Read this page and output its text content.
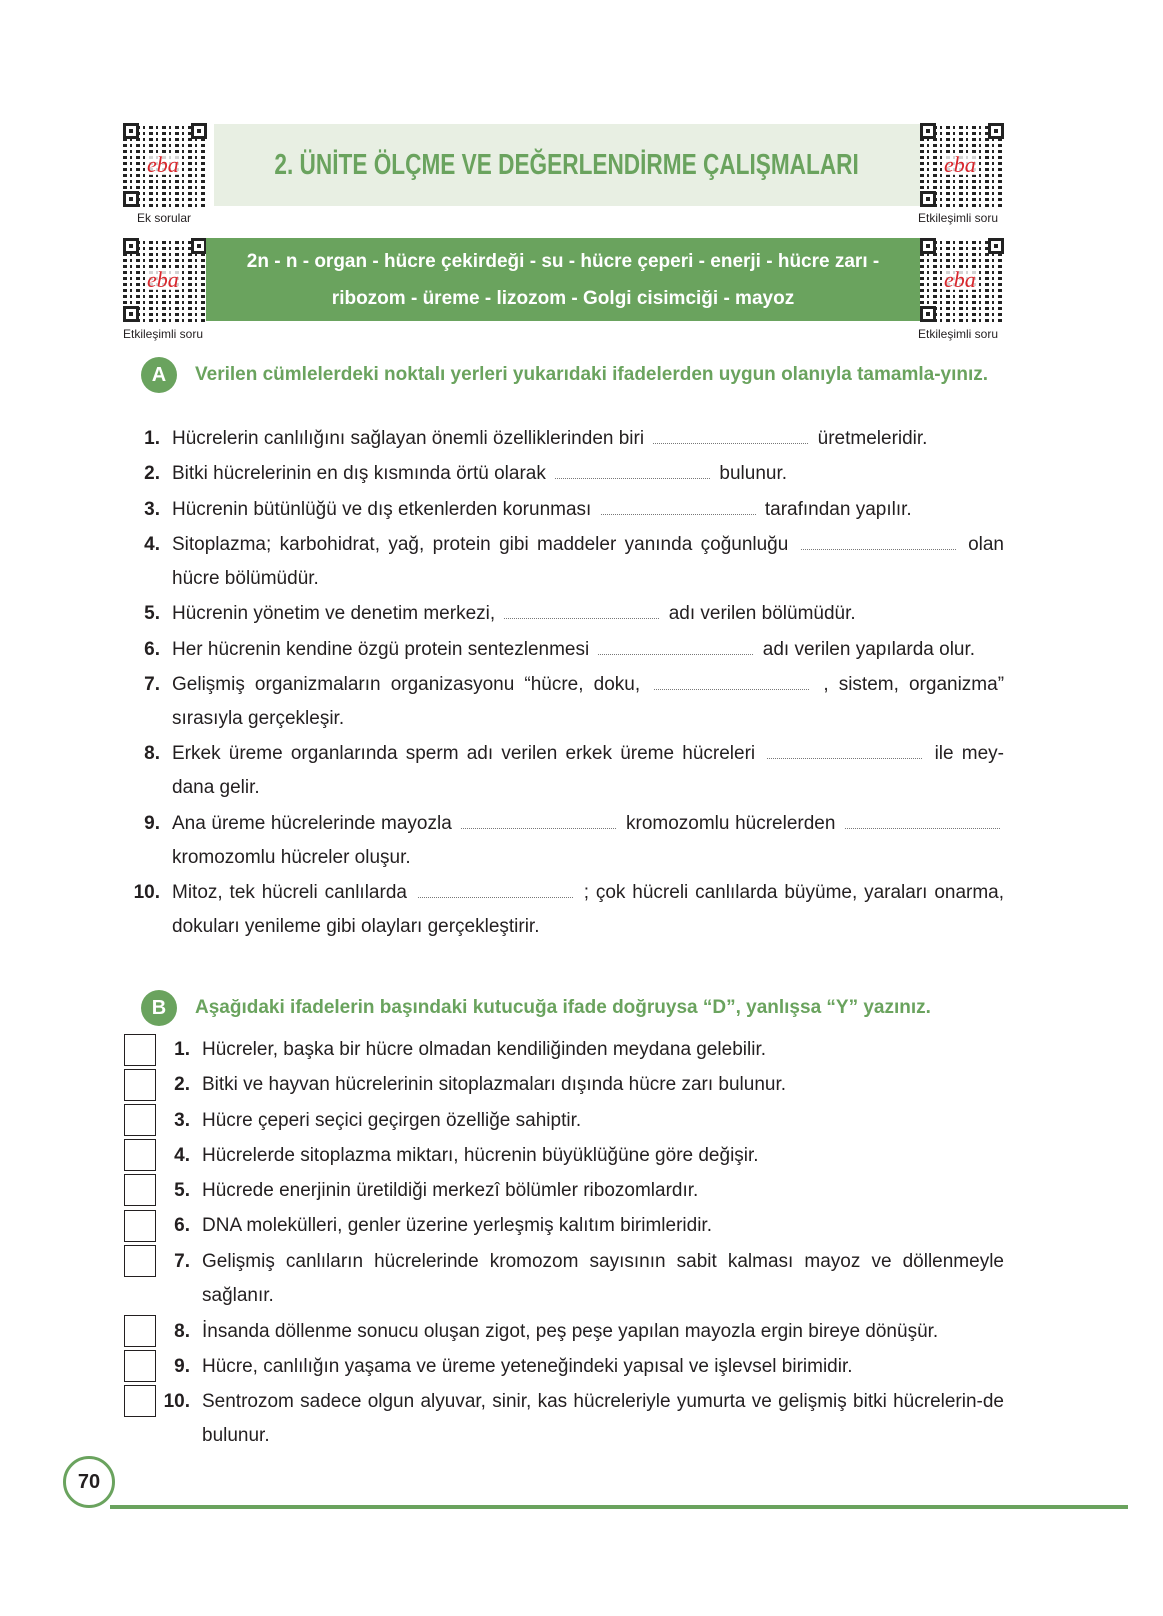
eba
Ek sorular
eba
Etkileşimli soru
eba
Etkileşimli soru
eba
Etkileşimli soru
2. ÜNİTE ÖLÇME VE DEĞERLENDİRME ÇALIŞMALARI
2n - n - organ - hücre çekirdeği - su - hücre çeperi - enerji - hücre zarı -
ribozom - üreme - lizozom - Golgi cisimciği - mayoz
A	Verilen cümlelerdeki noktalı yerleri yukarıdaki ifadelerden uygun olanıyla tamamla-yınız.
1. Hücrelerin canlılığını sağlayan önemli özelliklerinden biri	üretmeleridir.
2. Bitki hücrelerinin en dış kısmında örtü olarak	bulunur.
3. Hücrenin bütünlüğü ve dış etkenlerden korunması	tarafından yapılır.
4. Sitoplazma; karbohidrat, yağ, protein gibi maddeler yanında çoğunluğu	olan hücre bölümüdür.
5. Hücrenin yönetim ve denetim merkezi,	adı verilen bölümüdür.
6. Her hücrenin kendine özgü protein sentezlenmesi	adı verilen yapılarda olur.
7. Gelişmiş organizmaların organizasyonu “hücre, doku,	, sistem, organizma” sırasıyla gerçekleşir.
8. Erkek üreme organlarında sperm adı verilen erkek üreme hücreleri	ile mey-dana gelir.
9. Ana üreme hücrelerinde mayozla	kromozomlu hücrelerden  kromozomlu hücreler oluşur.
10. Mitoz, tek hücreli canlılarda	; çok hücreli canlılarda büyüme, yaraları onarma, dokuları yenileme gibi olayları gerçekleştirir.
B	Aşağıdaki ifadelerin başındaki kutucuğa ifade doğruysa “D”, yanlışsa “Y” yazınız.
1. Hücreler, başka bir hücre olmadan kendiliğinden meydana gelebilir.
2. Bitki ve hayvan hücrelerinin sitoplazmaları dışında hücre zarı bulunur.
3. Hücre çeperi seçici geçirgen özelliğe sahiptir.
4. Hücrelerde sitoplazma miktarı, hücrenin büyüklüğüne göre değişir.
5. Hücrede enerjinin üretildiği merkezî bölümler ribozomlardır.
6. DNA molekülleri, genler üzerine yerleşmiş kalıtım birimleridir.
7. Gelişmiş canlıların hücrelerinde kromozom sayısının sabit kalması mayoz ve döllenmeyle sağlanır.
8. İnsanda döllenme sonucu oluşan zigot, peş peşe yapılan mayozla ergin bireye dönüşür.
9. Hücre, canlılığın yaşama ve üreme yeteneğindeki yapısal ve işlevsel birimidir.
10. Sentrozom sadece olgun alyuvar, sinir, kas hücreleriyle yumurta ve gelişmiş bitki hücrelerin-de bulunur.
70
